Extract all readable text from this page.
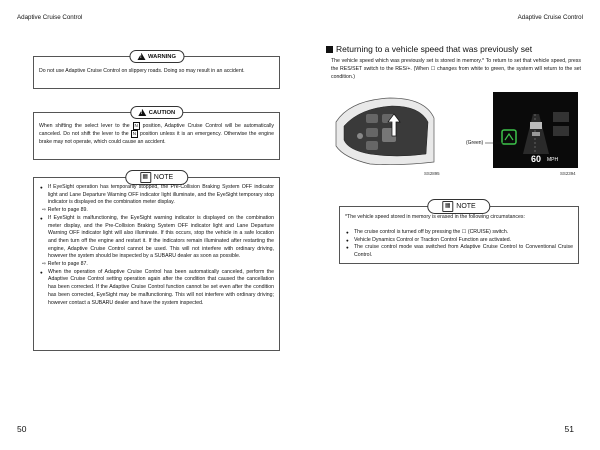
Adaptive Cruise Control	Adaptive Cruise Control
!
WARNING
Do not use Adaptive Cruise Control on slippery roads. Doing so may result in an accident.
!
CAUTION
When shifting the select lever to the N position, Adaptive Cruise Control will be automatically canceled. Do not shift the lever to the N position unless it is an emergency. Otherwise the engine brake may not operate, which could cause an accident.
▦ NOTE
● If EyeSight operation has temporarily stopped, the Pre-Collision Braking System OFF indicator light and Lane Departure Warning OFF indicator light illuminate, and the EyeSight temporary stop indicator is displayed on the combination meter display.
⇨ Refer to page 89.
● If EyeSight is malfunctioning, the EyeSight warning indicator is displayed on the combination meter display, and the Pre-Collision Braking System OFF indicator light and Lane Departure Warning OFF indicator light will also illuminate. If this occurs, stop the vehicle in a safe location and then turn off the engine and restart it. If the indicators remain illuminated after restarting the engine, Adaptive Cruise Control cannot be used. This will not interfere with ordinary driving, however the system should be inspected by a SUBARU dealer as soon as possible.
⇨ Refer to page 87.
● When the operation of Adaptive Cruise Control has been automatically canceled, perform the Adaptive Cruise Control setting operation again after the condition that caused the cancellation has been corrected. If the Adaptive Cruise Control function cannot be set even after the condition has been corrected, EyeSight may be malfunctioning. This will not interfere with ordinary driving; however contact a SUBARU dealer and have the system inspected.
Returning to a vehicle speed that was previously set
The vehicle speed which was previously set is stored in memory.* To return to set that vehicle speed, press the RES/SET switch to the RES/+. (When ☐ changes from white to green, the system will return to the set condition.)
60 MPH
(Green)
SS2895	SS2394
▦ NOTE
*The vehicle speed stored in memory is erased in the following circumstances:
● The cruise control is turned off by pressing the ☐ (CRUISE) switch.
● Vehicle Dynamics Control or Traction Control Function are activated.
● The cruise control mode was switched from Adaptive Cruise Control to Conventional Cruise Control.
50	51
